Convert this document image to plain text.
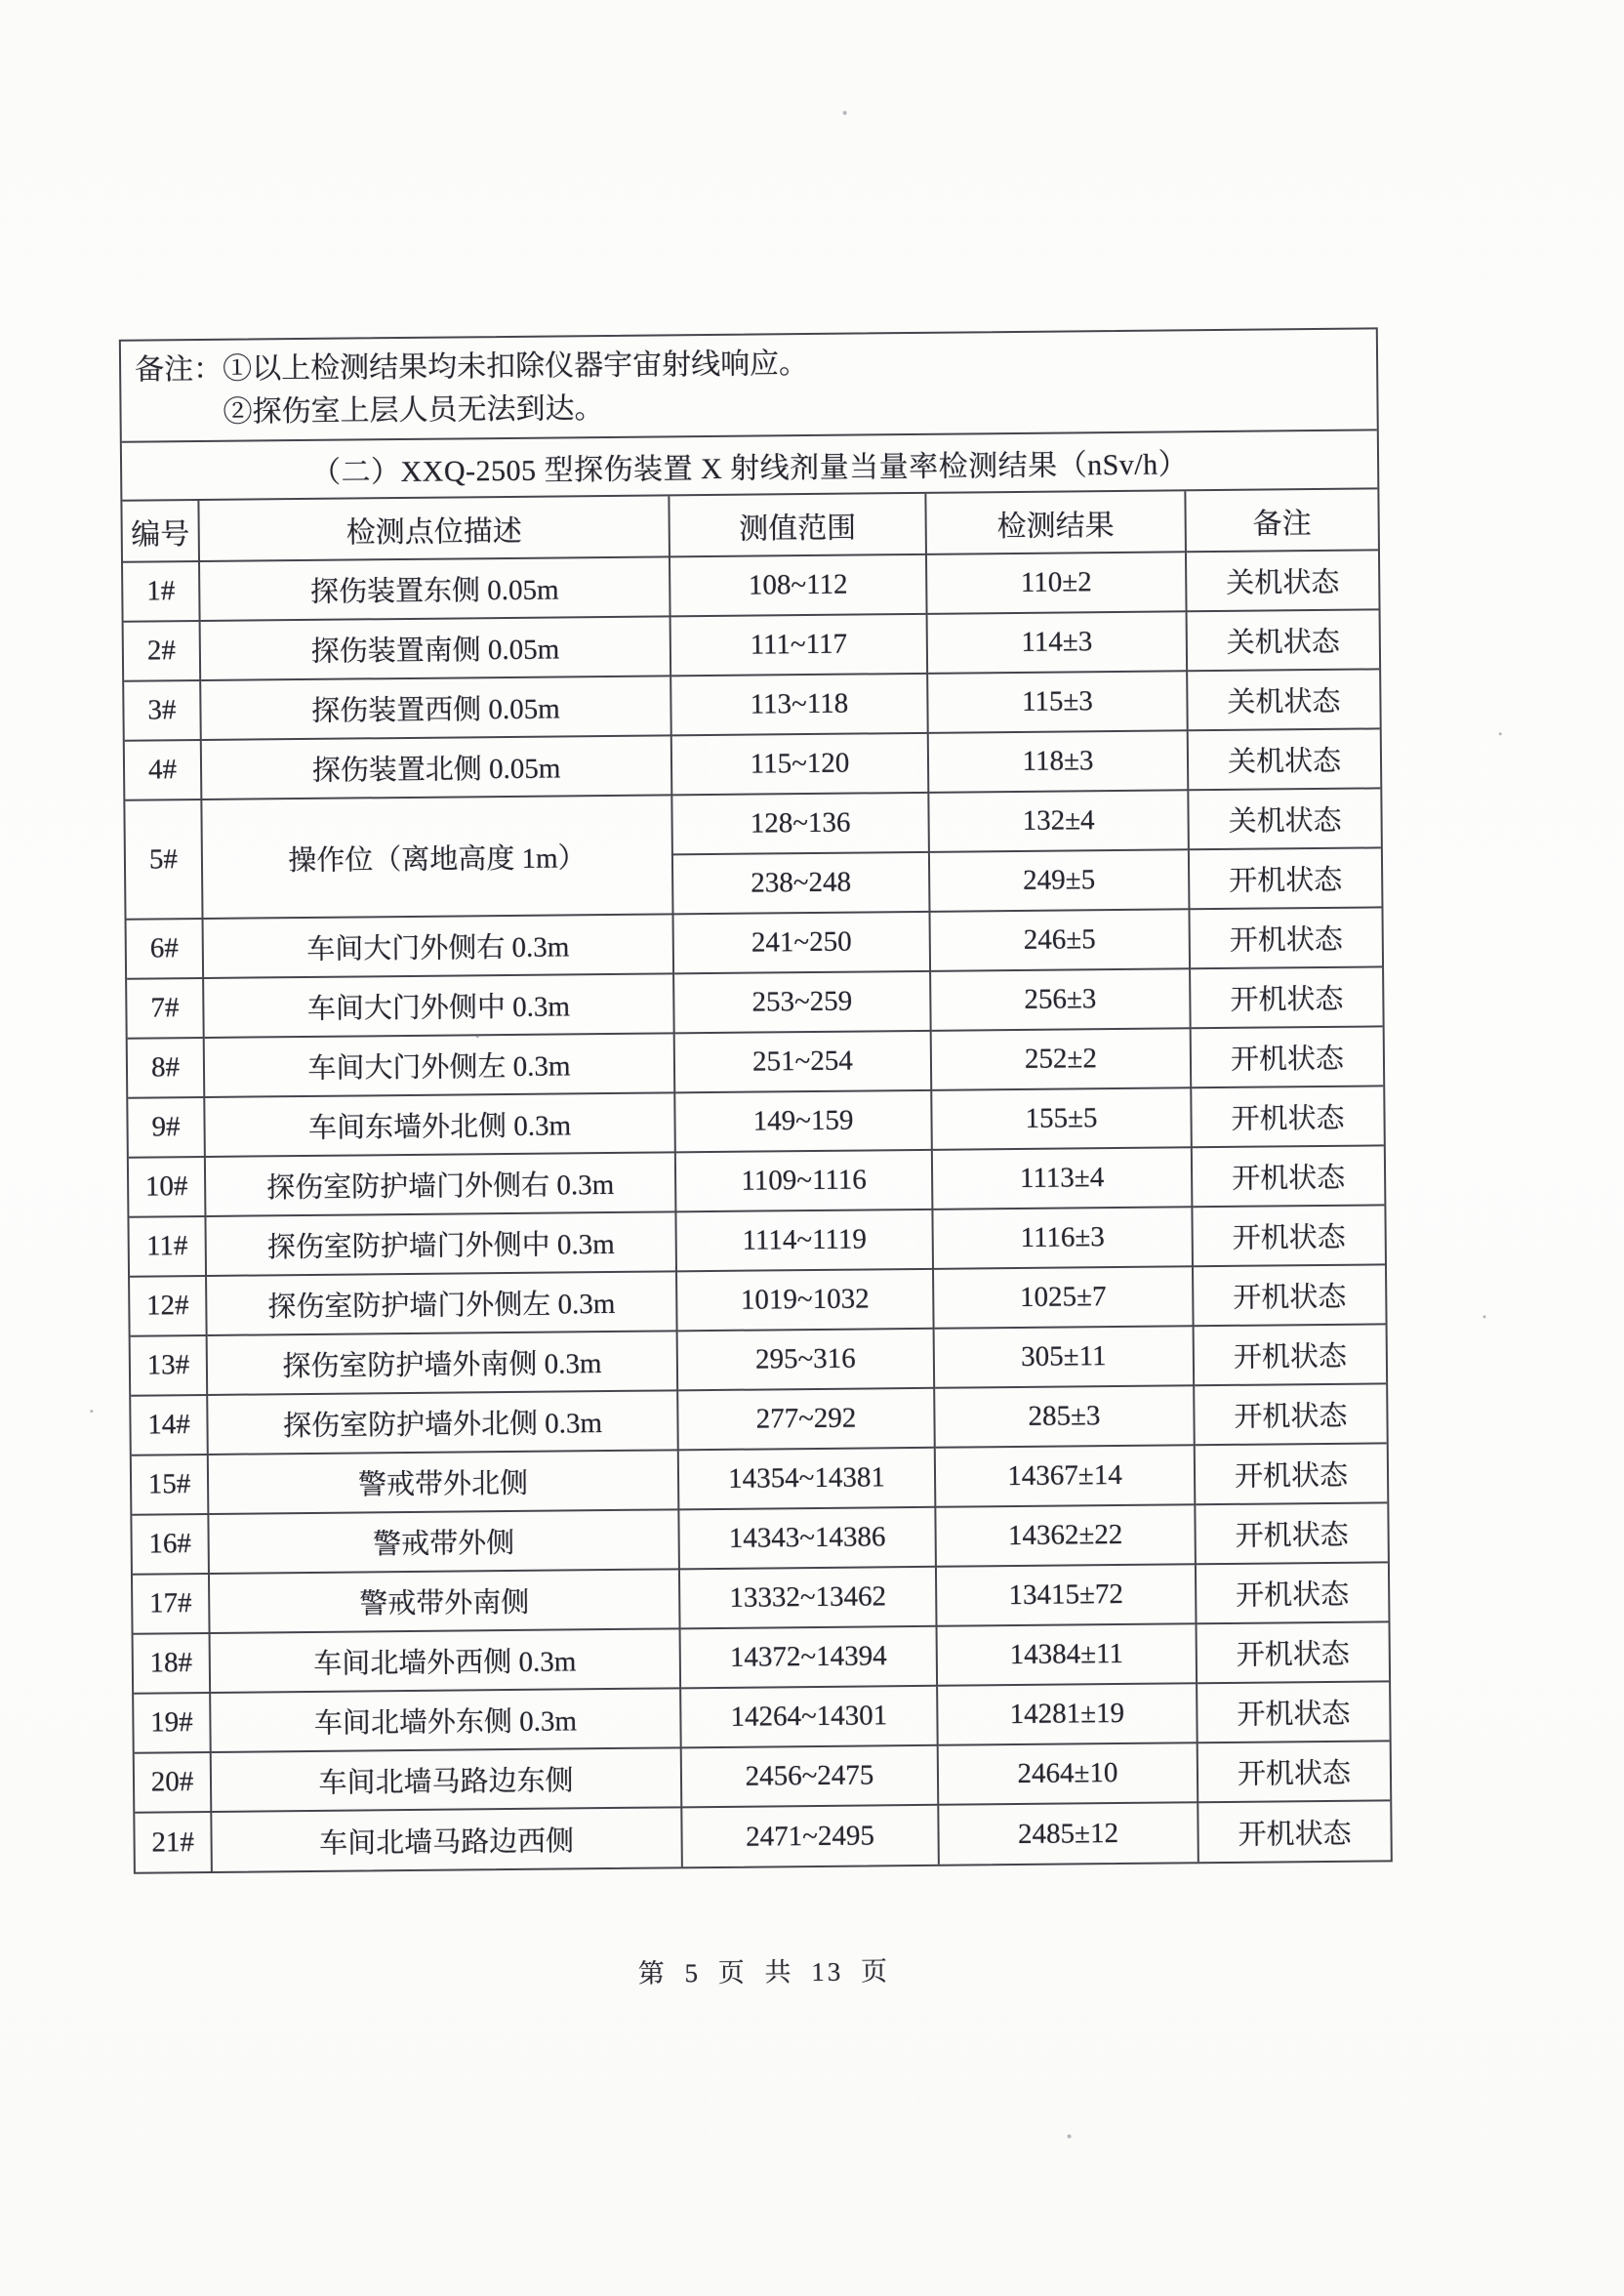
备注： ①以上检测结果均未扣除仪器宇宙射线响应。
②探伤室上层人员无法到达。
（二）XXQ-2505 型探伤装置 X 射线剂量当量率检测结果（nSv/h）
编号	检测点位描述	测值范围	检测结果	备注
1#	探伤装置东侧 0.05m	108~112	110±2	关机状态
2#	探伤装置南侧 0.05m	111~117	114±3	关机状态
3#	探伤装置西侧 0.05m	113~118	115±3	关机状态
4#	探伤装置北侧 0.05m	115~120	118±3	关机状态
5#	操作位（离地高度 1m）	128~136	132±4	关机状态
		238~248	249±5	开机状态
6#	车间大门外侧右 0.3m	241~250	246±5	开机状态
7#	车间大门外侧中 0.3m	253~259	256±3	开机状态
8#	车间大门外侧左 0.3m	251~254	252±2	开机状态
9#	车间东墙外北侧 0.3m	149~159	155±5	开机状态
10#	探伤室防护墙门外侧右 0.3m	1109~1116	1113±4	开机状态
11#	探伤室防护墙门外侧中 0.3m	1114~1119	1116±3	开机状态
12#	探伤室防护墙门外侧左 0.3m	1019~1032	1025±7	开机状态
13#	探伤室防护墙外南侧 0.3m	295~316	305±11	开机状态
14#	探伤室防护墙外北侧 0.3m	277~292	285±3	开机状态
15#	警戒带外北侧	14354~14381	14367±14	开机状态
16#	警戒带外侧	14343~14386	14362±22	开机状态
17#	警戒带外南侧	13332~13462	13415±72	开机状态
18#	车间北墙外西侧 0.3m	14372~14394	14384±11	开机状态
19#	车间北墙外东侧 0.3m	14264~14301	14281±19	开机状态
20#	车间北墙马路边东侧	2456~2475	2464±10	开机状态
21#	车间北墙马路边西侧	2471~2495	2485±12	开机状态
第 5 页 共 13 页
